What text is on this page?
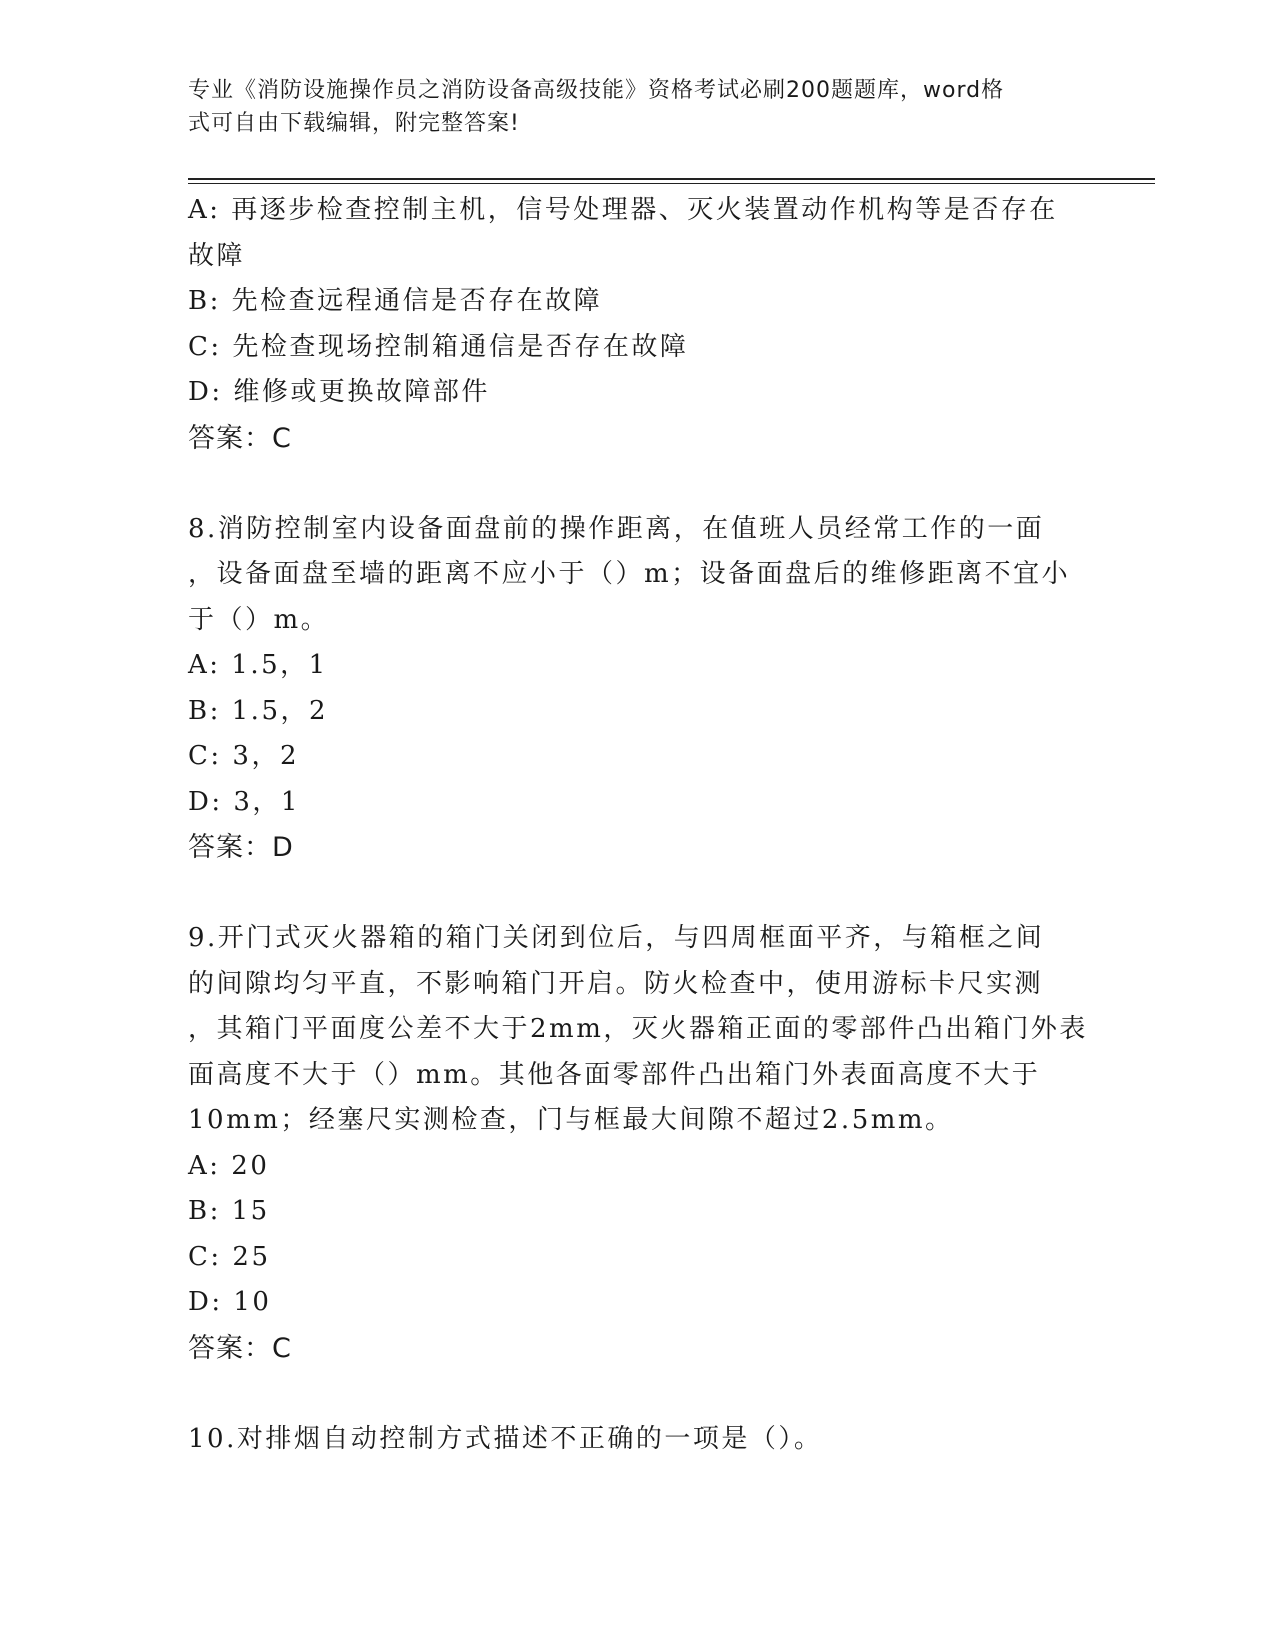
专业《消防设施操作员之消防设备高级技能》资格考试必刷200题题库，word格
式可自由下载编辑，附完整答案!
A: 再逐步检查控制主机，信号处理器、灭火装置动作机构等是否存在
故障
B: 先检查远程通信是否存在故障
C: 先检查现场控制箱通信是否存在故障
D: 维修或更换故障部件
答案：C
8.消防控制室内设备面盘前的操作距离，在值班人员经常工作的一面
，设备面盘至墙的距离不应小于（）m；设备面盘后的维修距离不宜小
于（）m。
A: 1.5，1
B: 1.5，2
C: 3，2
D: 3，1
答案：D
9.开门式灭火器箱的箱门关闭到位后，与四周框面平齐，与箱框之间
的间隙均匀平直，不影响箱门开启。防火检查中，使用游标卡尺实测
，其箱门平面度公差不大于2mm，灭火器箱正面的零部件凸出箱门外表
面高度不大于（）mm。其他各面零部件凸出箱门外表面高度不大于
10mm；经塞尺实测检查，门与框最大间隙不超过2.5mm。
A: 20
B: 15
C: 25
D: 10
答案：C
10.对排烟自动控制方式描述不正确的一项是（）。
